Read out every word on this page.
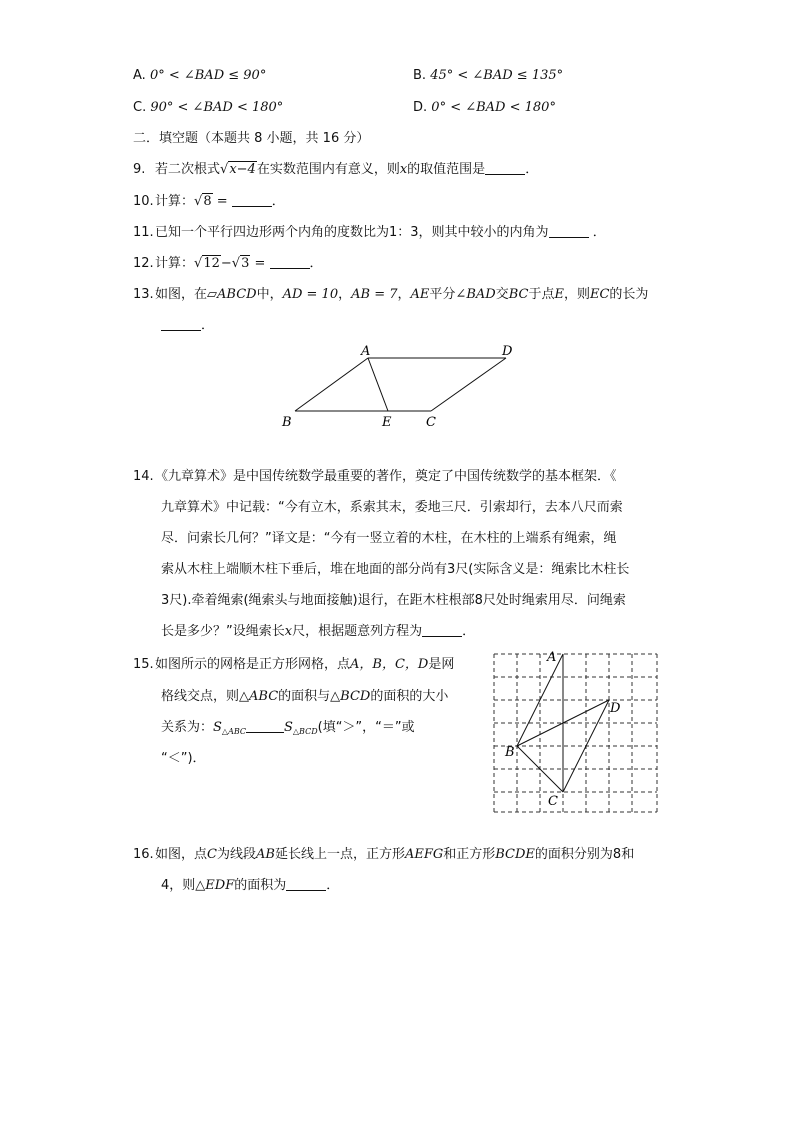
A. 0° < ∠BAD ≤ 90°	B. 45° < ∠BAD ≤ 135°
C. 90° < ∠BAD < 180°	D. 0° < ∠BAD < 180°
二．填空题（本题共 8 小题，共 16 分）
9. 若二次根式√x−4在实数范围内有意义，则x的取值范围是	．
10.计算：√8 =	．
11.已知一个平行四边形两个内角的度数比为1：3，则其中较小的内角为	．
12.计算：√12−√3 =	．
13.如图，在▱ABCD中，AD = 10，AB = 7，AE平分∠BAD交BC于点E，则EC的长为
．
A	D
B	E	C
14.《九章算术》是中国传统数学最重要的著作，奠定了中国传统数学的基本框架．《
九章算术》中记载：“今有立木，系索其末，委地三尺．引索却行，去本八尺而索
尽．问索长几何？”译文是：“今有一竖立着的木柱，在木柱的上端系有绳索，绳
索从木柱上端顺木柱下垂后，堆在地面的部分尚有3尺(实际含义是：绳索比木柱长
3尺).牵着绳索(绳索头与地面接触)退行，在距木柱根部8尺处时绳索用尽．问绳索
长是多少？”设绳索长x尺，根据题意列方程为	．
15.如图所示的网格是正方形网格，点A，B，C，D是网
格线交点，则△ABC的面积与△BCD的面积的大小
关系为：$S_{\triangle ABC}$	$S_{\triangle BCD}$(填“＞”，“＝”或
“＜”)．
A
B
C
D
16.如图，点C为线段AB延长线上一点，正方形AEFG和正方形BCDE的面积分别为8和
4，则△EDF的面积为	．
